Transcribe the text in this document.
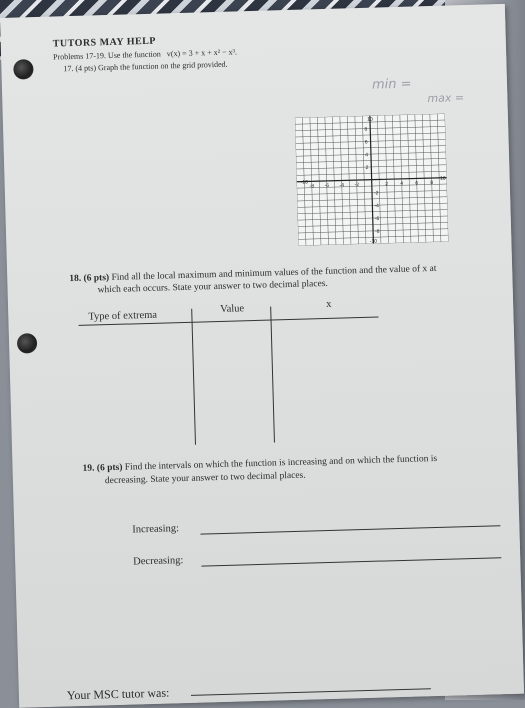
TUTORS MAY HELP
Problems 17-19. Use the function v(x) = 3 + x + x² − x³.
17. (4 pts) Graph the function on the grid provided.
min =
max =
10
-10
-10
10
8
6
4
2
-2
-4
-6
-8
-8 -6 -4 -2	2 4 6 8
18. (6 pts) Find all the local maximum and minimum values of the function and the value of x at
which each occurs. State your answer to two decimal places.
Type of extrema
Value	x
19. (6 pts) Find the intervals on which the function is increasing and on which the function is
decreasing. State your answer to two decimal places.
Increasing:
Decreasing:
Your MSC tutor was:
